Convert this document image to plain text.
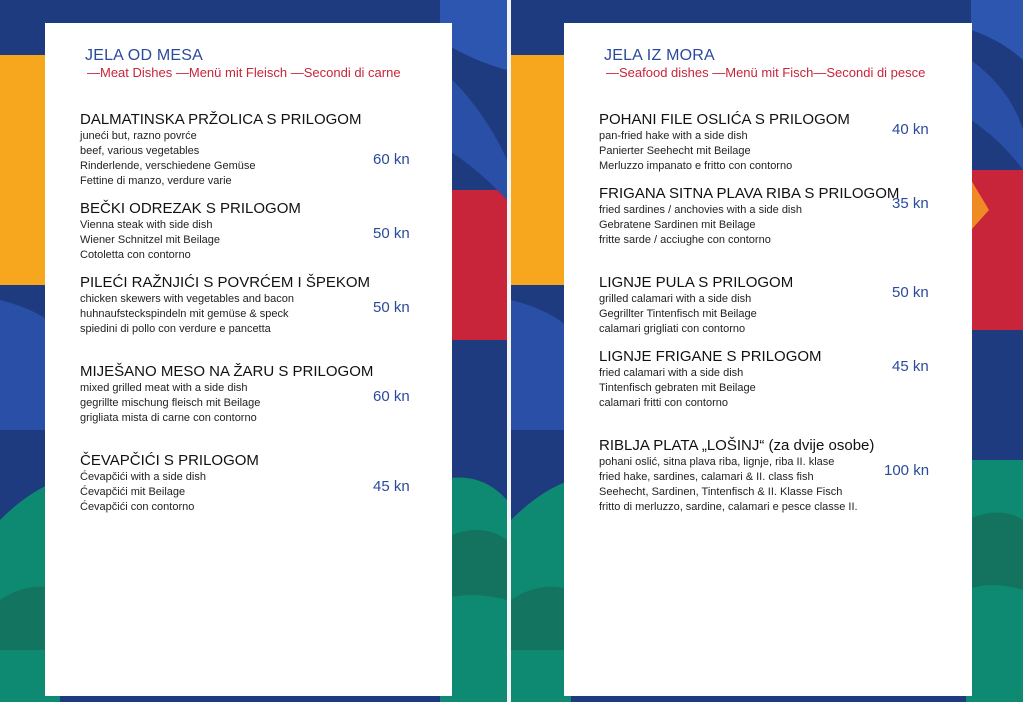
JELA OD MESA
—Meat Dishes —Menü mit Fleisch —Secondi di carne
DALMATINSKA PRŽOLICA S PRILOGOM
juneći but, razno povrće
beef, various vegetables
Rinderlende, verschiedene Gemüse
Fettine di manzo, verdure varie
60 kn
BEČKI ODREZAK S PRILOGOM
Vienna steak with side dish
Wiener Schnitzel mit Beilage
Cotoletta con contorno
50 kn
PILEĆI RAŽNJIĆI S POVRĆEM I ŠPEKOM
chicken skewers with vegetables and bacon
huhnaufsteckspindeln mit gemüse & speck
spiedini di pollo con verdure e pancetta
50 kn
MIJEŠANO MESO NA ŽARU S PRILOGOM
mixed grilled meat with a side dish
gegrillte mischung fleisch mit Beilage
grigliata mista di carne con contorno
60 kn
ČEVAPČIĆI S PRILOGOM
Ćevapčići with a side dish
Ćevapčići mit Beilage
Ćevapčići con contorno
45 kn
JELA IZ MORA
—Seafood dishes —Menü mit Fisch—Secondi di pesce
POHANI FILE OSLIĆA S PRILOGOM
pan-fried hake with a side dish
Panierter Seehecht mit Beilage
Merluzzo impanato e fritto con contorno
40 kn
FRIGANA SITNA PLAVA RIBA S PRILOGOM
fried sardines / anchovies with a side dish
Gebratene Sardinen mit Beilage
fritte sarde / acciughe con contorno
35 kn
LIGNJE PULA S PRILOGOM
grilled calamari with a side dish
Gegrillter Tintenfisch mit Beilage
calamari grigliati con contorno
50 kn
LIGNJE FRIGANE S PRILOGOM
fried calamari with a side dish
Tintenfisch gebraten mit Beilage
calamari fritti con contorno
45 kn
RIBLJA PLATA „LOŠINJ“ (za dvije osobe)
pohani oslić, sitna plava riba, lignje, riba II. klase
fried hake, sardines, calamari & II. class fish
Seehecht, Sardinen, Tintenfisch & II. Klasse Fisch
fritto di merluzzo, sardine, calamari e pesce classe II.
100 kn
